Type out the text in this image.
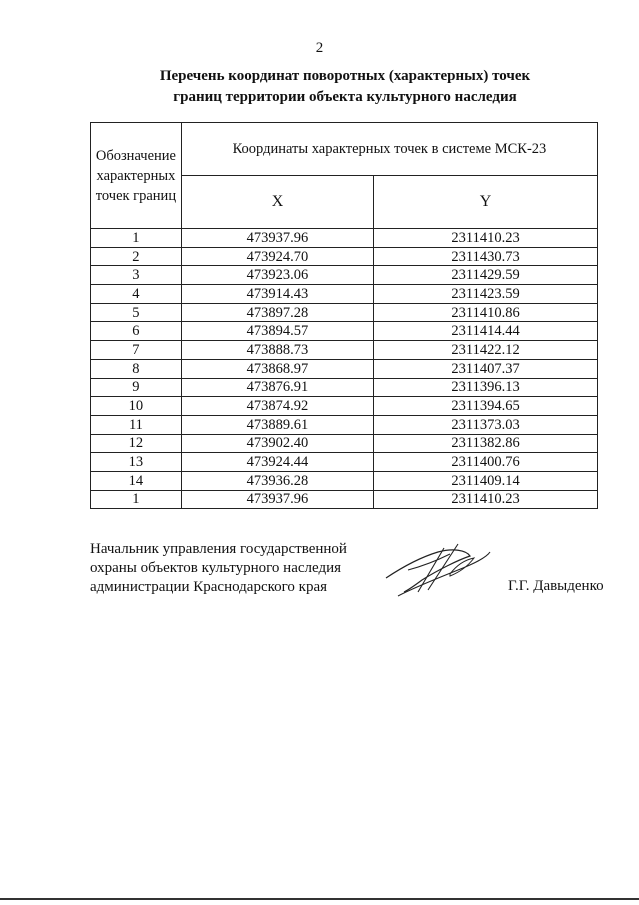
2
Перечень координат поворотных (характерных) точек
границ территории объекта культурного наследия
Обозначение характерных точек границ	Координаты характерных точек в системе МСК-23	
	X	Y
1	473937.96	2311410.23
2	473924.70	2311430.73
3	473923.06	2311429.59
4	473914.43	2311423.59
5	473897.28	2311410.86
6	473894.57	2311414.44
7	473888.73	2311422.12
8	473868.97	2311407.37
9	473876.91	2311396.13
10	473874.92	2311394.65
11	473889.61	2311373.03
12	473902.40	2311382.86
13	473924.44	2311400.76
14	473936.28	2311409.14
1	473937.96	2311410.23
Начальник управления государственной
охраны объектов культурного наследия
администрации Краснодарского края	Г.Г. Давыденко
